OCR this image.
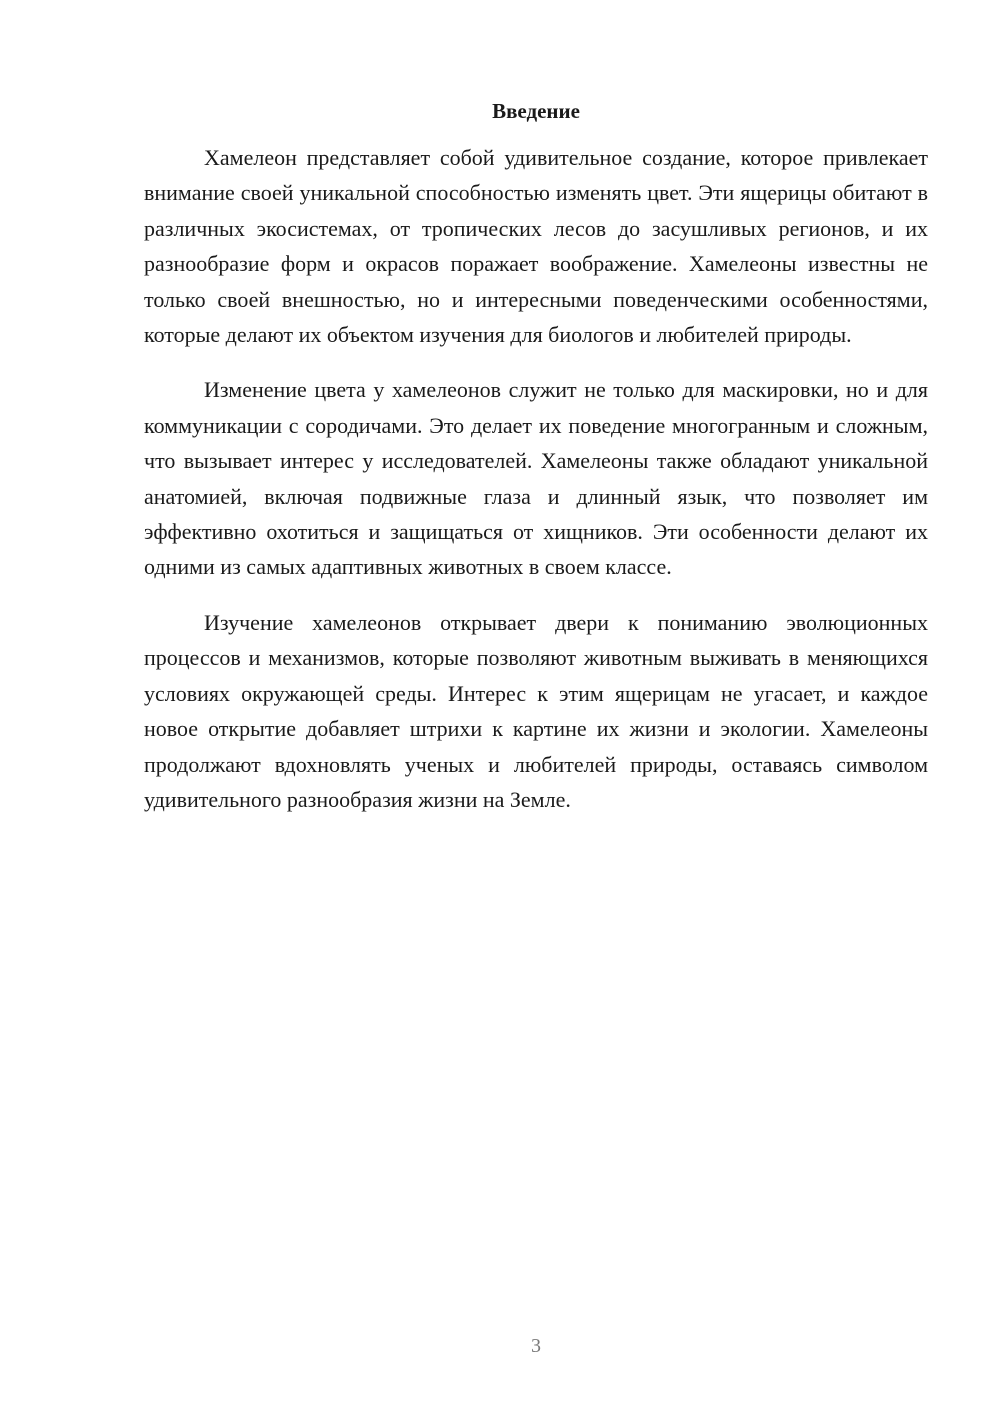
Введение

Хамелеон представляет собой удивительное создание, которое привлекает внимание своей уникальной способностью изменять цвет. Эти ящерицы обитают в различных экосистемах, от тропических лесов до засушливых регионов, и их разнообразие форм и окрасов поражает воображение. Хамелеоны известны не только своей внешностью, но и интересными поведенческими особенностями, которые делают их объектом изучения для биологов и любителей природы.

Изменение цвета у хамелеонов служит не только для маскировки, но и для коммуникации с сородичами. Это делает их поведение многогранным и сложным, что вызывает интерес у исследователей. Хамелеоны также обладают уникальной анатомией, включая подвижные глаза и длинный язык, что позволяет им эффективно охотиться и защищаться от хищников. Эти особенности делают их одними из самых адаптивных животных в своем классе.

Изучение хамелеонов открывает двери к пониманию эволюционных процессов и механизмов, которые позволяют животным выживать в меняющихся условиях окружающей среды. Интерес к этим ящерицам не угасает, и каждое новое открытие добавляет штрихи к картине их жизни и экологии. Хамелеоны продолжают вдохновлять ученых и любителей природы, оставаясь символом удивительного разнообразия жизни на Земле.

3
